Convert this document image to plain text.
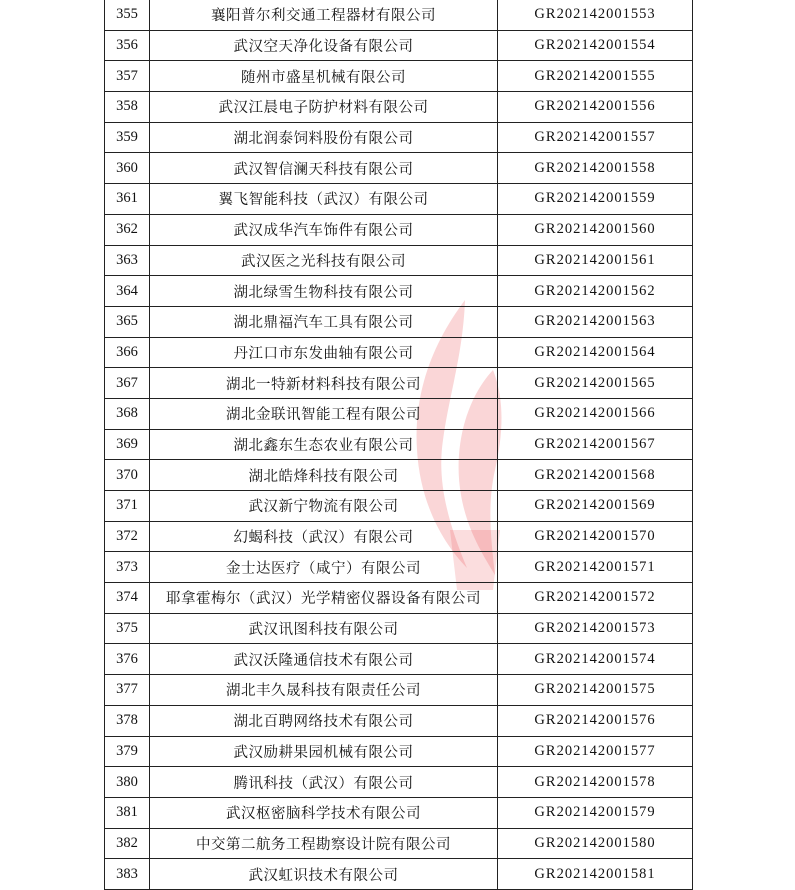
355	襄阳普尔利交通工程器材有限公司	GR202142001553
356	武汉空天净化设备有限公司	GR202142001554
357	随州市盛星机械有限公司	GR202142001555
358	武汉江晨电子防护材料有限公司	GR202142001556
359	湖北润泰饲料股份有限公司	GR202142001557
360	武汉智信澜天科技有限公司	GR202142001558
361	翼飞智能科技（武汉）有限公司	GR202142001559
362	武汉成华汽车饰件有限公司	GR202142001560
363	武汉医之光科技有限公司	GR202142001561
364	湖北绿雪生物科技有限公司	GR202142001562
365	湖北鼎福汽车工具有限公司	GR202142001563
366	丹江口市东发曲轴有限公司	GR202142001564
367	湖北一特新材料科技有限公司	GR202142001565
368	湖北金联讯智能工程有限公司	GR202142001566
369	湖北鑫东生态农业有限公司	GR202142001567
370	湖北皓烽科技有限公司	GR202142001568
371	武汉新宁物流有限公司	GR202142001569
372	幻蝎科技（武汉）有限公司	GR202142001570
373	金士达医疗（咸宁）有限公司	GR202142001571
374	耶拿霍梅尔（武汉）光学精密仪器设备有限公司	GR202142001572
375	武汉讯图科技有限公司	GR202142001573
376	武汉沃隆通信技术有限公司	GR202142001574
377	湖北丰久晟科技有限责任公司	GR202142001575
378	湖北百聘网络技术有限公司	GR202142001576
379	武汉励耕果园机械有限公司	GR202142001577
380	腾讯科技（武汉）有限公司	GR202142001578
381	武汉枢密脑科学技术有限公司	GR202142001579
382	中交第二航务工程勘察设计院有限公司	GR202142001580
383	武汉虹识技术有限公司	GR202142001581
